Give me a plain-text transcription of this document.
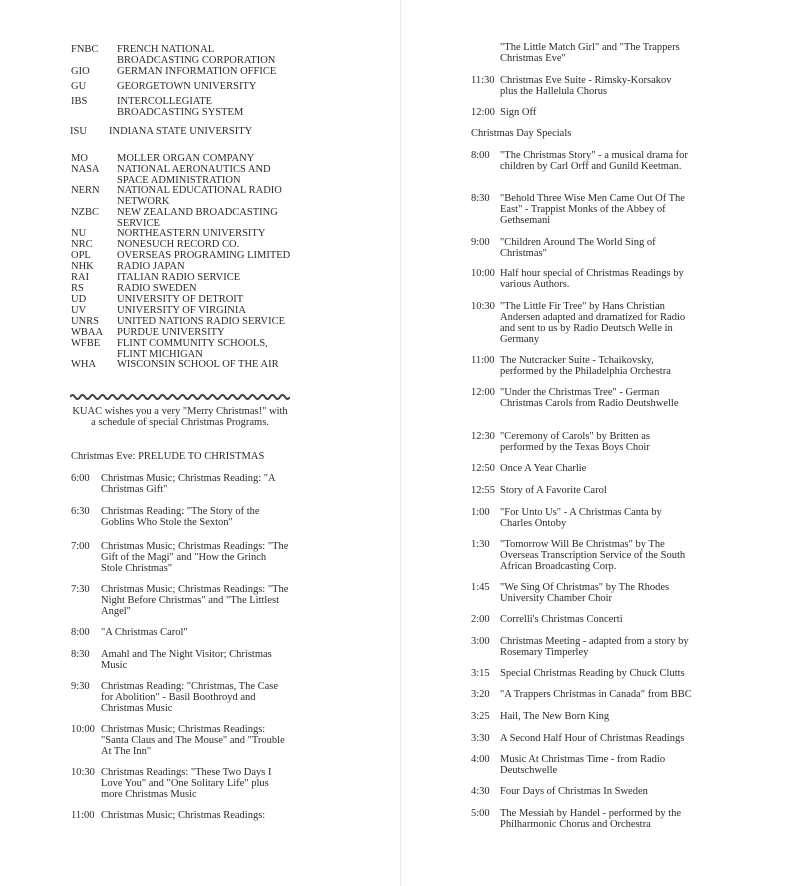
FNBC	FRENCH NATIONAL BROADCASTING CORPORATION
GIO	GERMAN INFORMATION OFFICE
GU	GEORGETOWN UNIVERSITY
IBS	INTERCOLLEGIATE BROADCASTING SYSTEM
ISU	INDIANA STATE UNIVERSITY
MO	MOLLER ORGAN COMPANY
NASA	NATIONAL AERONAUTICS AND SPACE ADMINISTRATION
NERN	NATIONAL EDUCATIONAL RADIO NETWORK
NZBC	NEW ZEALAND BROADCASTING SERVICE
NU	NORTHEASTERN UNIVERSITY
NRC	NONESUCH RECORD CO.
OPL	OVERSEAS PROGRAMING LIMITED
NHK	RADIO JAPAN
RAI	ITALIAN RADIO SERVICE
RS	RADIO SWEDEN
UD	UNIVERSITY OF DETROIT
UV	UNIVERSITY OF VIRGINIA
UNRS	UNITED NATIONS RADIO SERVICE
WBAA	PURDUE UNIVERSITY
WFBE	FLINT COMMUNITY SCHOOLS, FLINT MICHIGAN
WHA	WISCONSIN SCHOOL OF THE AIR
KUAC wishes you a very "Merry Christmas!" with a schedule of special Christmas Programs.
Christmas Eve: PRELUDE TO CHRISTMAS
6:00	Christmas Music; Christmas Reading: "A Christmas Gift"
6:30	Christmas Reading: "The Story of the Goblins Who Stole the Sexton"
7:00	Christmas Music; Christmas Readings: "The Gift of the Magi" and "How the Grinch Stole Christmas"
7:30	Christmas Music; Christmas Readings: "The Night Before Christmas" and "The Littlest Angel"
8:00	"A Christmas Carol"
8:30	Amahl and The Night Visitor; Christmas Music
9:30	Christmas Reading: "Christmas, The Case for Abolition" - Basil Boothroyd and Christmas Music
10:00 Christmas Music; Christmas Readings: "Santa Claus and The Mouse" and "Trouble At The Inn"
10:30 Christmas Readings: "These Two Days I Love You" and "One Solitary Life" plus more Christmas Music
11:00 Christmas Music; Christmas Readings:
"The Little Match Girl" and "The Trappers Christmas Eve"
11:30 Christmas Eve Suite - Rimsky-Korsakov plus the Hallelula Chorus
12:00 Sign Off
Christmas Day Specials
8:00 "The Christmas Story" - a musical drama for children by Carl Orff and Gunild Keetman.
8:30 "Behold Three Wise Men Came Out Of The East" - Trappist Monks of the Abbey of Gethsemani
9:00 "Children Around The World Sing of Christmas"
10:00 Half hour special of Christmas Readings by various Authors.
10:30 "The Little Fir Tree" by Hans Christian Andersen adapted and dramatized for Radio and sent to us by Radio Deutsch Welle in Germany
11:00 The Nutcracker Suite - Tchaikovsky, performed by the Philadelphia Orchestra
12:00 "Under the Christmas Tree" - German Christmas Carols from Radio Deutshwelle
12:30 "Ceremony of Carols" by Britten as performed by the Texas Boys Choir
12:50 Once A Year Charlie
12:55 Story of A Favorite Carol
1:00 "For Unto Us" - A Christmas Canta by Charles Ontoby
1:30 "Tomorrow Will Be Christmas" by The Overseas Transcription Service of the South African Broadcasting Corp.
1:45 "We Sing Of Christmas" by The Rhodes University Chamber Choir
2:00 Correlli's Christmas Concerti
3:00 Christmas Meeting - adapted from a story by Rosemary Timperley
3:15 Special Christmas Reading by Chuck Clutts
3:20 "A Trappers Christmas in Canada" from BBC
3:25 Hail, The New Born King
3:30 A Second Half Hour of Christmas Readings
4:00 Music At Christmas Time - from Radio Deutschwelle
4:30 Four Days of Christmas In Sweden
5:00 The Messiah by Handel - performed by the Philharmonic Chorus and Orchestra
